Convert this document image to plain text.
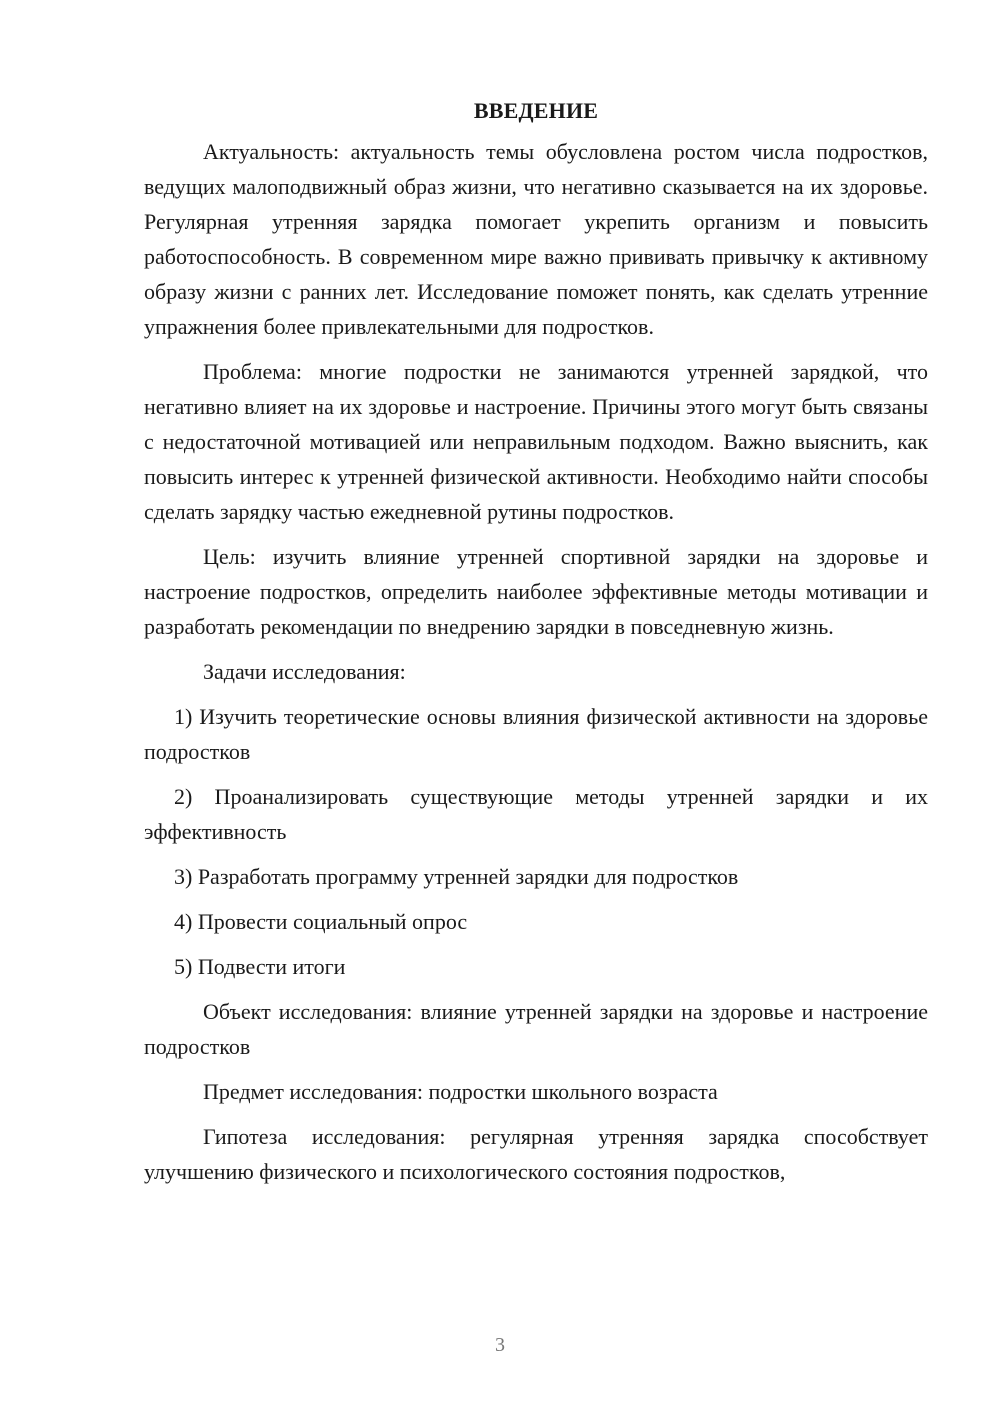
ВВЕДЕНИЕ

Актуальность: актуальность темы обусловлена ростом числа подростков, ведущих малоподвижный образ жизни, что негативно сказывается на их здоровье. Регулярная утренняя зарядка помогает укрепить организм и повысить работоспособность. В современном мире важно прививать привычку к активному образу жизни с ранних лет. Исследование поможет понять, как сделать утренние упражнения более привлекательными для подростков.

Проблема: многие подростки не занимаются утренней зарядкой, что негативно влияет на их здоровье и настроение. Причины этого могут быть связаны с недостаточной мотивацией или неправильным подходом. Важно выяснить, как повысить интерес к утренней физической активности. Необходимо найти способы сделать зарядку частью ежедневной рутины подростков.

Цель: изучить влияние утренней спортивной зарядки на здоровье и настроение подростков, определить наиболее эффективные методы мотивации и разработать рекомендации по внедрению зарядки в повседневную жизнь.

Задачи исследования:

1) Изучить теоретические основы влияния физической активности на здоровье подростков

2) Проанализировать существующие методы утренней зарядки и их эффективность

3) Разработать программу утренней зарядки для подростков

4) Провести социальный опрос

5) Подвести итоги

Объект исследования: влияние утренней зарядки на здоровье и настроение подростков

Предмет исследования: подростки школьного возраста

Гипотеза исследования: регулярная утренняя зарядка способствует улучшению физического и психологического состояния подростков,

3
